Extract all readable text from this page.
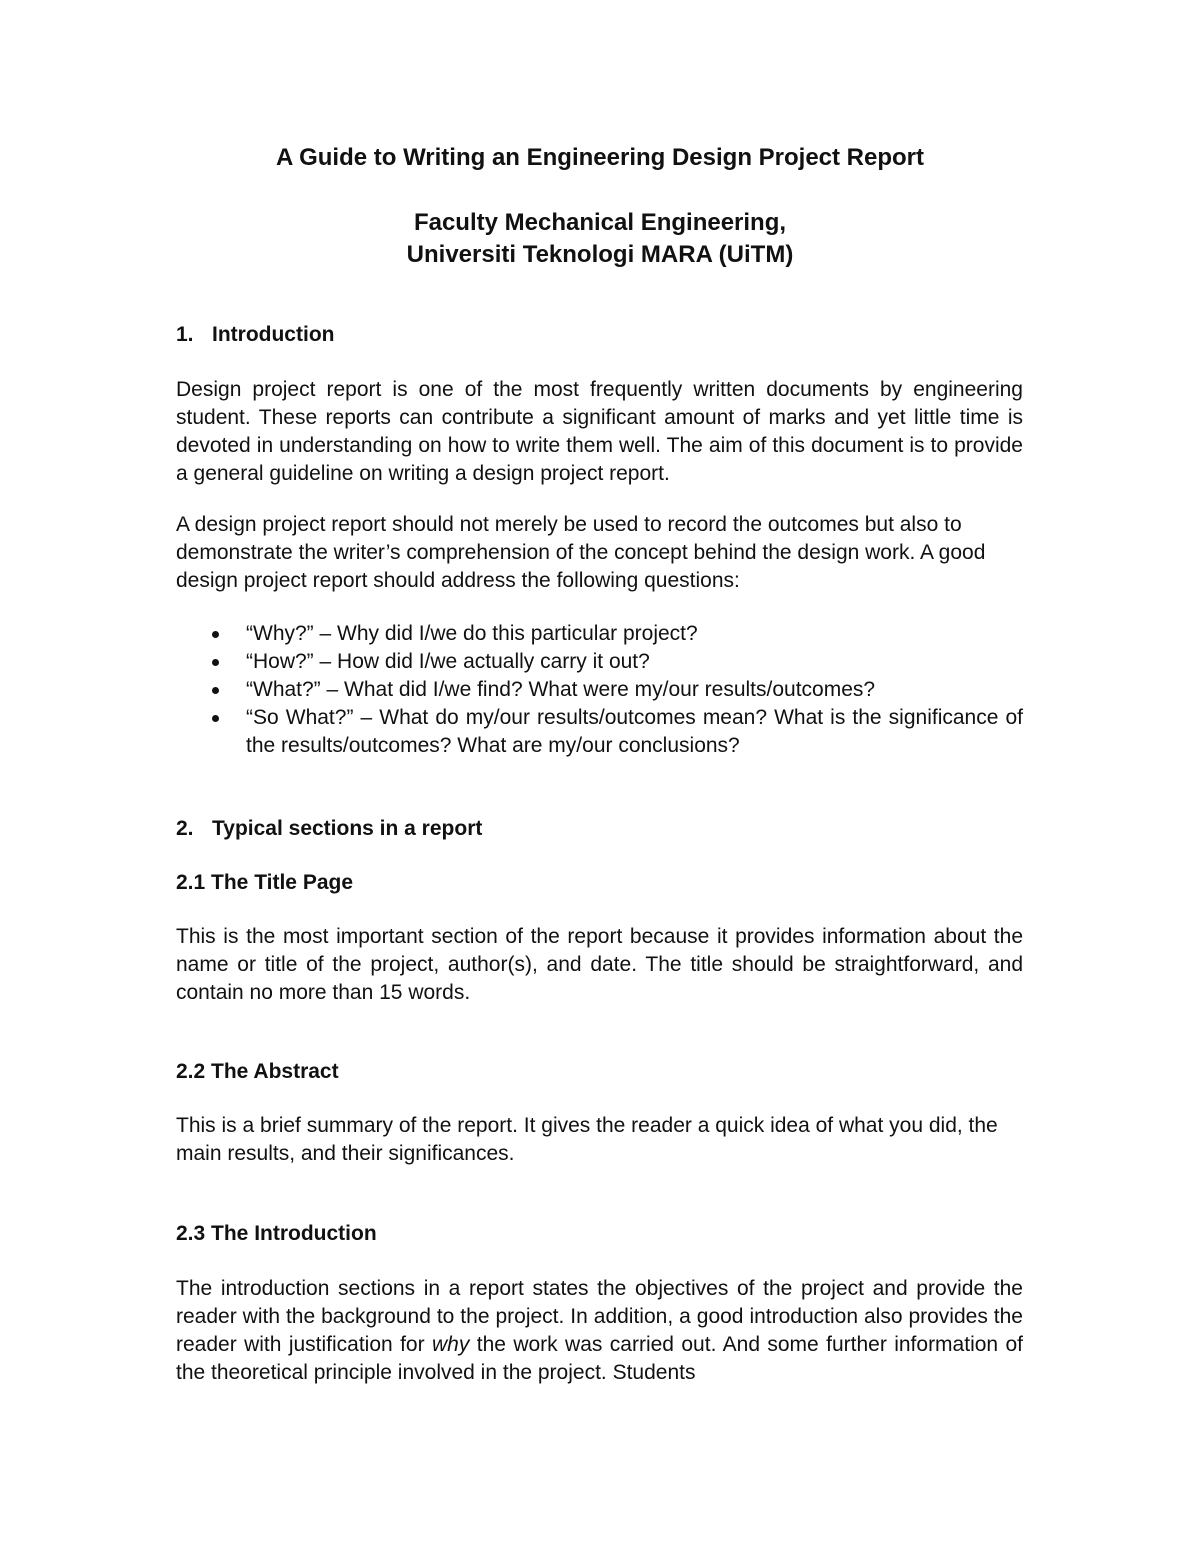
A Guide to Writing an Engineering Design Project Report
Faculty Mechanical Engineering,
Universiti Teknologi MARA (UiTM)
1. Introduction

Design project report is one of the most frequently written documents by engineering student. These reports can contribute a significant amount of marks and yet little time is devoted in understanding on how to write them well. The aim of this document is to provide a general guideline on writing a design project report.

A design project report should not merely be used to record the outcomes but also to demonstrate the writer’s comprehension of the concept behind the design work. A good design project report should address the following questions:

“Why?” – Why did I/we do this particular project?
“How?” – How did I/we actually carry it out?
“What?” – What did I/we find? What were my/our results/outcomes?
“So What?” – What do my/our results/outcomes mean? What is the significance of the results/outcomes? What are my/our conclusions?
2. Typical sections in a report
2.1 The Title Page

This is the most important section of the report because it provides information about the name or title of the project, author(s), and date. The title should be straightforward, and contain no more than 15 words.

2.2 The Abstract

This is a brief summary of the report. It gives the reader a quick idea of what you did, the main results, and their significances.

2.3 The Introduction

The introduction sections in a report states the objectives of the project and provide the reader with the background to the project. In addition, a good introduction also provides the reader with justification for why the work was carried out. And some further information of the theoretical principle involved in the project. Students
